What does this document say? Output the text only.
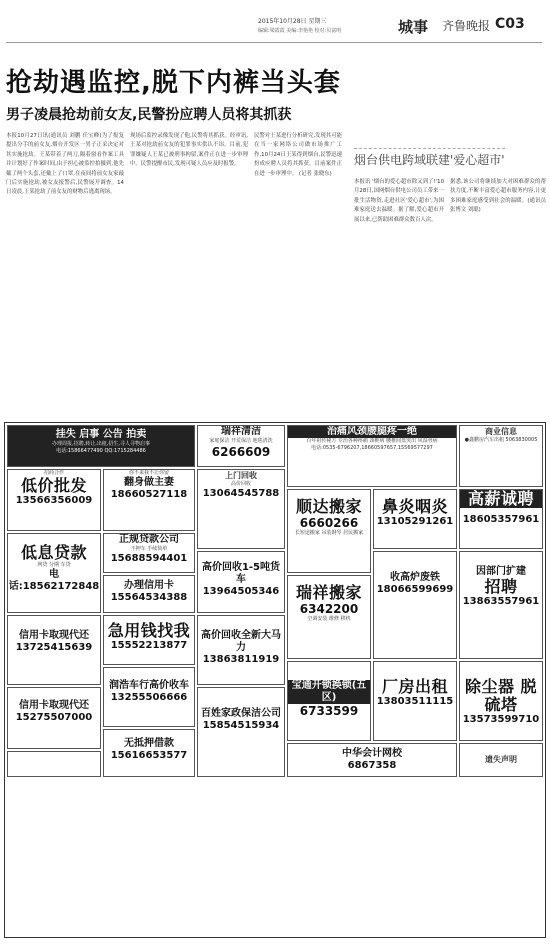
2015年10月28日 星期三
编辑:梁霞霞 美编:李艳艳 校对:贝富明	城事 齐鲁晚报 C03
抢劫遇监控,脱下内裤当头套
男子凌晨抢劫前女友,民警扮应聘人员将其抓获
本报10月27日讯(通讯员 刘鹏 任宝峰)为了报复提出分手的前女友,烟台开发区一男子正采决定对其实施抢劫。王某带着了两刀,隔着窗看作案工具并计划好了作案时间,由于担心被监控拍摄到,他先戴了两个头套,还戴上了口罩,在夜间将前女友家敲门后实施抢劫,被女友报警后,民警展开调查。14日凌晨,王某抢劫了前女友的财物后逃离现场。
现场后监控录像发现了他,民警将其抓获。经审讯,王某对抢劫前女友的犯罪事实供认不讳。目前,犯罪嫌疑人王某已被刑事拘留,案件正在进一步审理中。民警提醒市民,发现可疑人员应及时报警。
民警对王某进行分析研究,发现其可能在当一家网络公司做市场推广工作,10月24日王某得到烟台,民警迅速扮成应聘人员将其抓获。目前案件正在进一步审理中。 (记者 张晓东)
烟台供电跨域联建'爱心超市'
本报讯 '烟台的爱心超市除又到了!'10月28日,国网烟台供电公司员工带来一批生活物资,走进社区'爱心超市',为困难家庭送去温暖。据了解,爱心超市开展以来,已帮助困难群众数百人次。
据悉,该公司将继续加大对困难群众的帮扶力度,不断丰富爱心超市服务内容,让更多困难家庭感受到社会的温暖。(通讯员 张博文 刘聪)
挂失 启事 公告 拍卖
办理周报,招聘,转让,出租,招生,寻人寻物启事
电话:15866477490 QQ:1715284486
瑞祥清洁
家庭保洁 开荒保洁 地毯清洗
6266609
治痛风颈腰腿疼一绝
百年祖传秘方 专治各种疼痛 颈椎病 腰椎间盘突出 风湿骨病
电话:0535-6796207,18660597657,15569577297
商业信息
●鑫鹏房汽车出租 5063830005
招商合作
低价批发
13566356009
你不来我不让你留
翻身做主妻
18660527118
上门回收
高价回收
13064545788
顺达搬家
6660266
长短途搬家 吊装钢琴 居民搬家
鼻炎咽炎
13105291261
高薪诚聘
18605357961
低息贷款
网贷 分期 车贷
电话:18562172848
正规贷款公司
不押车 手续简单
15688594401
办理信用卡
15564534388
高价回收1-5吨货车
13964505346	瑞祥搬家
6342200
空调安装 维修 移机
收高炉废铁
18066599699
因部门扩建
招聘
13863557961
急用钱找我
15552213877
信用卡取现代还
13725415639
高价回收全新大马力
13863811919
润浩车行高价收车
13255506666
信用卡取现代还
15275507000	百姓家政保洁公司
15854515934
宝通开锁换锁(五区)
6733599
厂房出租
13803511115
除尘器 脱硫塔
13573599710
无抵押借款
15616653577	中华会计网校
6867358
遗失声明
